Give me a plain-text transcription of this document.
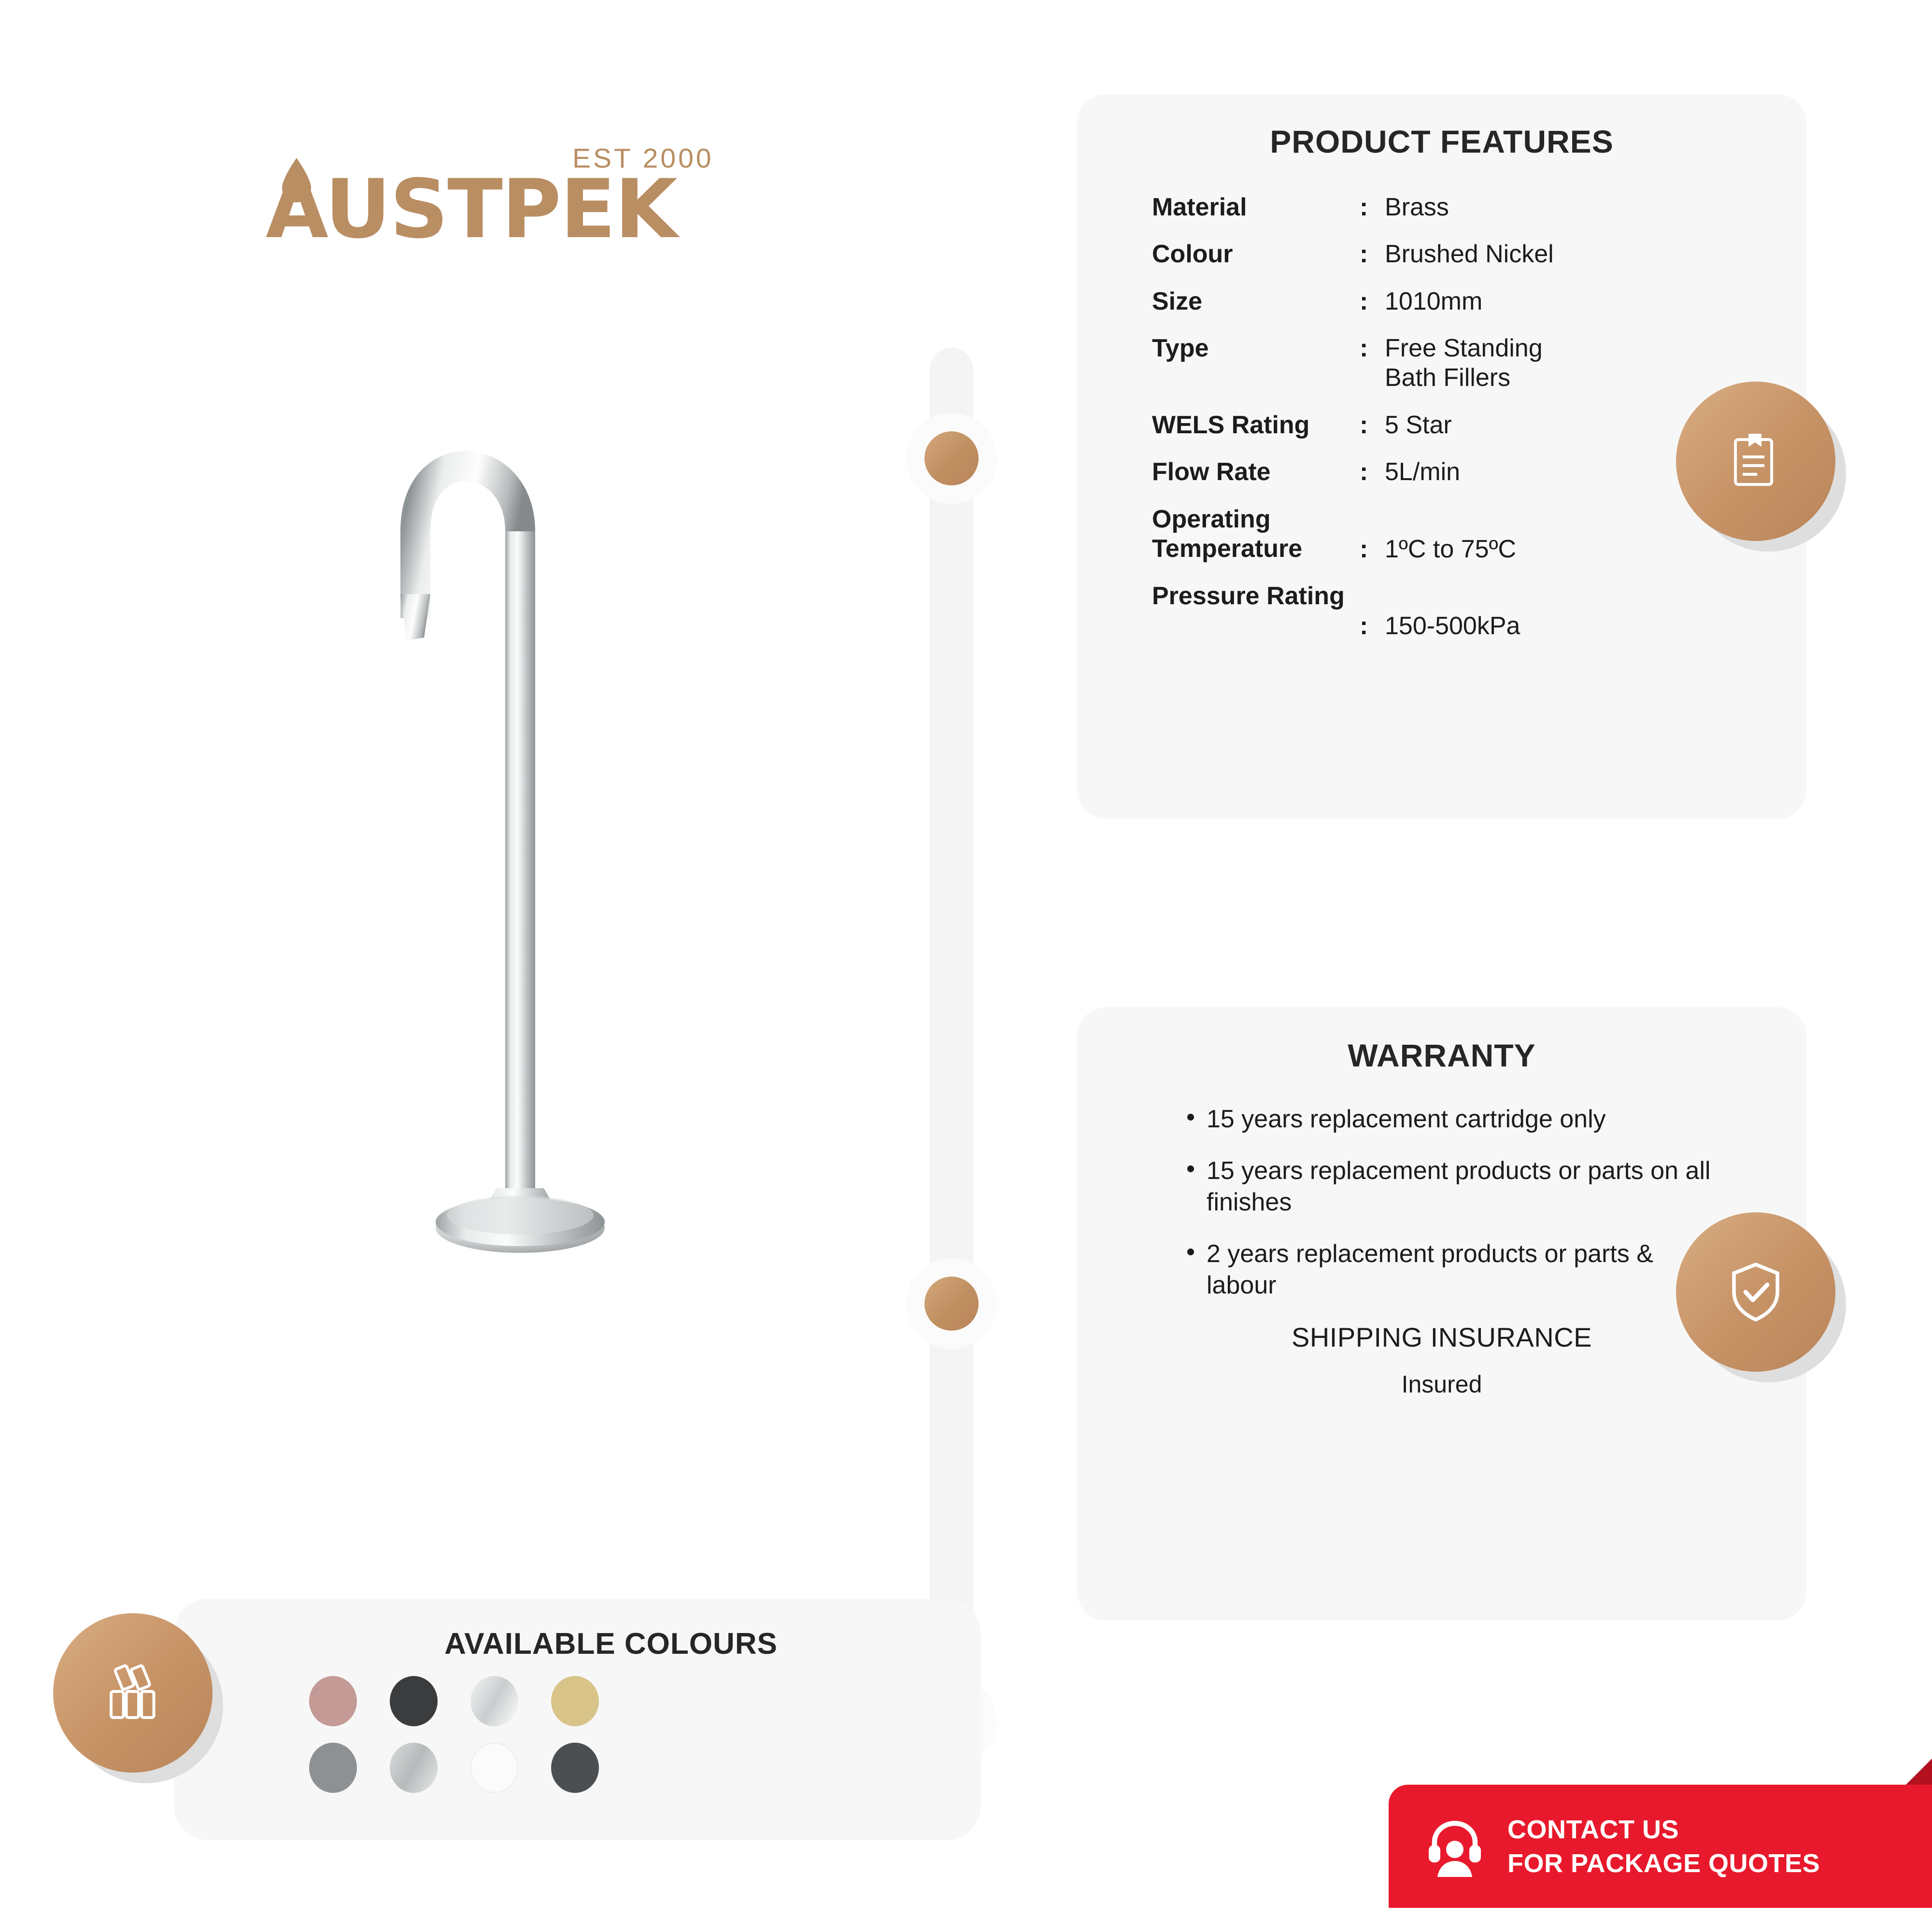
EST 2000
AUSTPEK
PRODUCT FEATURES
Material	:	Brass
Colour	:	Brushed Nickel
Size	:	1010mm
Type	:	Free Standing
Bath Fillers

WELS Rating	:	5 Star
Flow Rate	:	5L/min
Operating Temperature	:	1ºC to 75ºC
Pressure Rating	:	150-500kPa
WARRANTY
• 15 years replacement cartridge only
• 15 years replacement products or parts on all finishes
• 2 years replacement products or parts & labour
SHIPPING INSURANCE
Insured
AVAILABLE COLOURS
CONTACT US
FOR PACKAGE QUOTES
